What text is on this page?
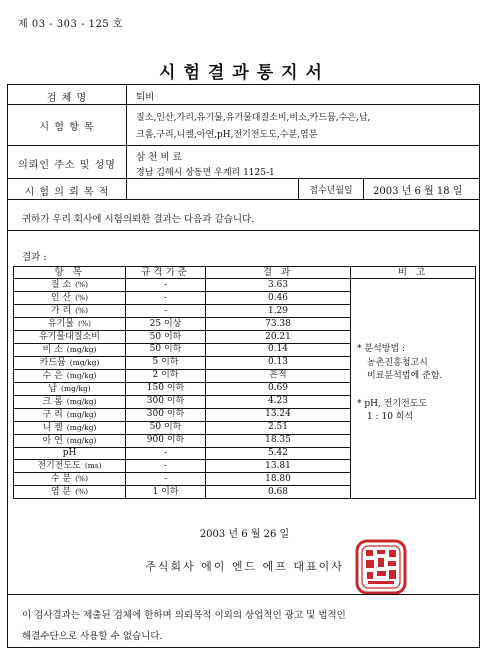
제 03 - 303 - 125 호
시험결과통지서
검 체 명	퇴비
시 험 항 목
질소,인산,가리,유기물,유기물대질소비,비소,카드뮴,수은,납,
크롬,구리,니켈,아연,pH,전기전도도,수분,염분
의뢰인 주소 및 성명
삼 천 비 료
경남 김해시 상동면 우계리 1125-1
시 험 의 뢰 목 적	접수년월일	2003 년 6 월 18 일
귀하가 우리 회사에 시험의뢰한 결과는 다음과 같습니다.
결과 :
항 목	규격기준	결 과	비 고
질 소 (%)	-	3.63	* 분석방법 :
농촌진흥청고시
비료분석법에 준함.
* pH, 전기전도도
1 : 10 희석

인 산 (%)	-	0.46	
가 리 (%)	-	1.29	
유기물 (%)	25 이상	73.38	
유기물대질소비	50 이하	20.21	
비 소 (mg/kg)	50 이하	0.14	
카드뮴 (mg/kg)	5 이하	0.13	
수 은 (mg/kg)	2 이하	흔적	
납 (mg/kg)	150 이하	0.69	
크 롬 (mg/kg)	300 이하	4.23	
구 리 (mg/kg)	300 이하	13.24	
니 켈 (mg/kg)	50 이하	2.51	
아 연 (mg/kg)	900 이하	18.35	
pH	-	5.42	
전기전도도 (ms)	-	13.81	
수 분 (%)	-	18.80	
염 분 (%)	1 이하	0.68	
2003 년 6 월 26 일
주식회사 에이 엔드 에프 대표이사
이 검사결과는 제출된 검체에 한하며 의뢰목적 이외의 상업적인 광고 및 법적인
해결수단으로 사용할 수 없습니다.
